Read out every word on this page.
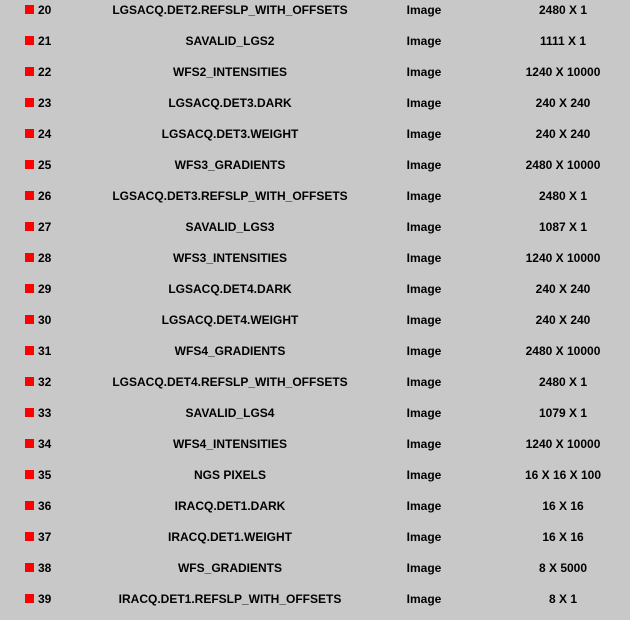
20	LGSACQ.DET2.REFSLP_WITH_OFFSETS	Image	2480 X 1
21	SAVALID_LGS2	Image	1111 X 1
22	WFS2_INTENSITIES	Image	1240 X 10000
23	LGSACQ.DET3.DARK	Image	240 X 240
24	LGSACQ.DET3.WEIGHT	Image	240 X 240
25	WFS3_GRADIENTS	Image	2480 X 10000
26	LGSACQ.DET3.REFSLP_WITH_OFFSETS	Image	2480 X 1
27	SAVALID_LGS3	Image	1087 X 1
28	WFS3_INTENSITIES	Image	1240 X 10000
29	LGSACQ.DET4.DARK	Image	240 X 240
30	LGSACQ.DET4.WEIGHT	Image	240 X 240
31	WFS4_GRADIENTS	Image	2480 X 10000
32	LGSACQ.DET4.REFSLP_WITH_OFFSETS	Image	2480 X 1
33	SAVALID_LGS4	Image	1079 X 1
34	WFS4_INTENSITIES	Image	1240 X 10000
35	NGS PIXELS	Image	16 X 16 X 100
36	IRACQ.DET1.DARK	Image	16 X 16
37	IRACQ.DET1.WEIGHT	Image	16 X 16
38	WFS_GRADIENTS	Image	8 X 5000
39	IRACQ.DET1.REFSLP_WITH_OFFSETS	Image	8 X 1
